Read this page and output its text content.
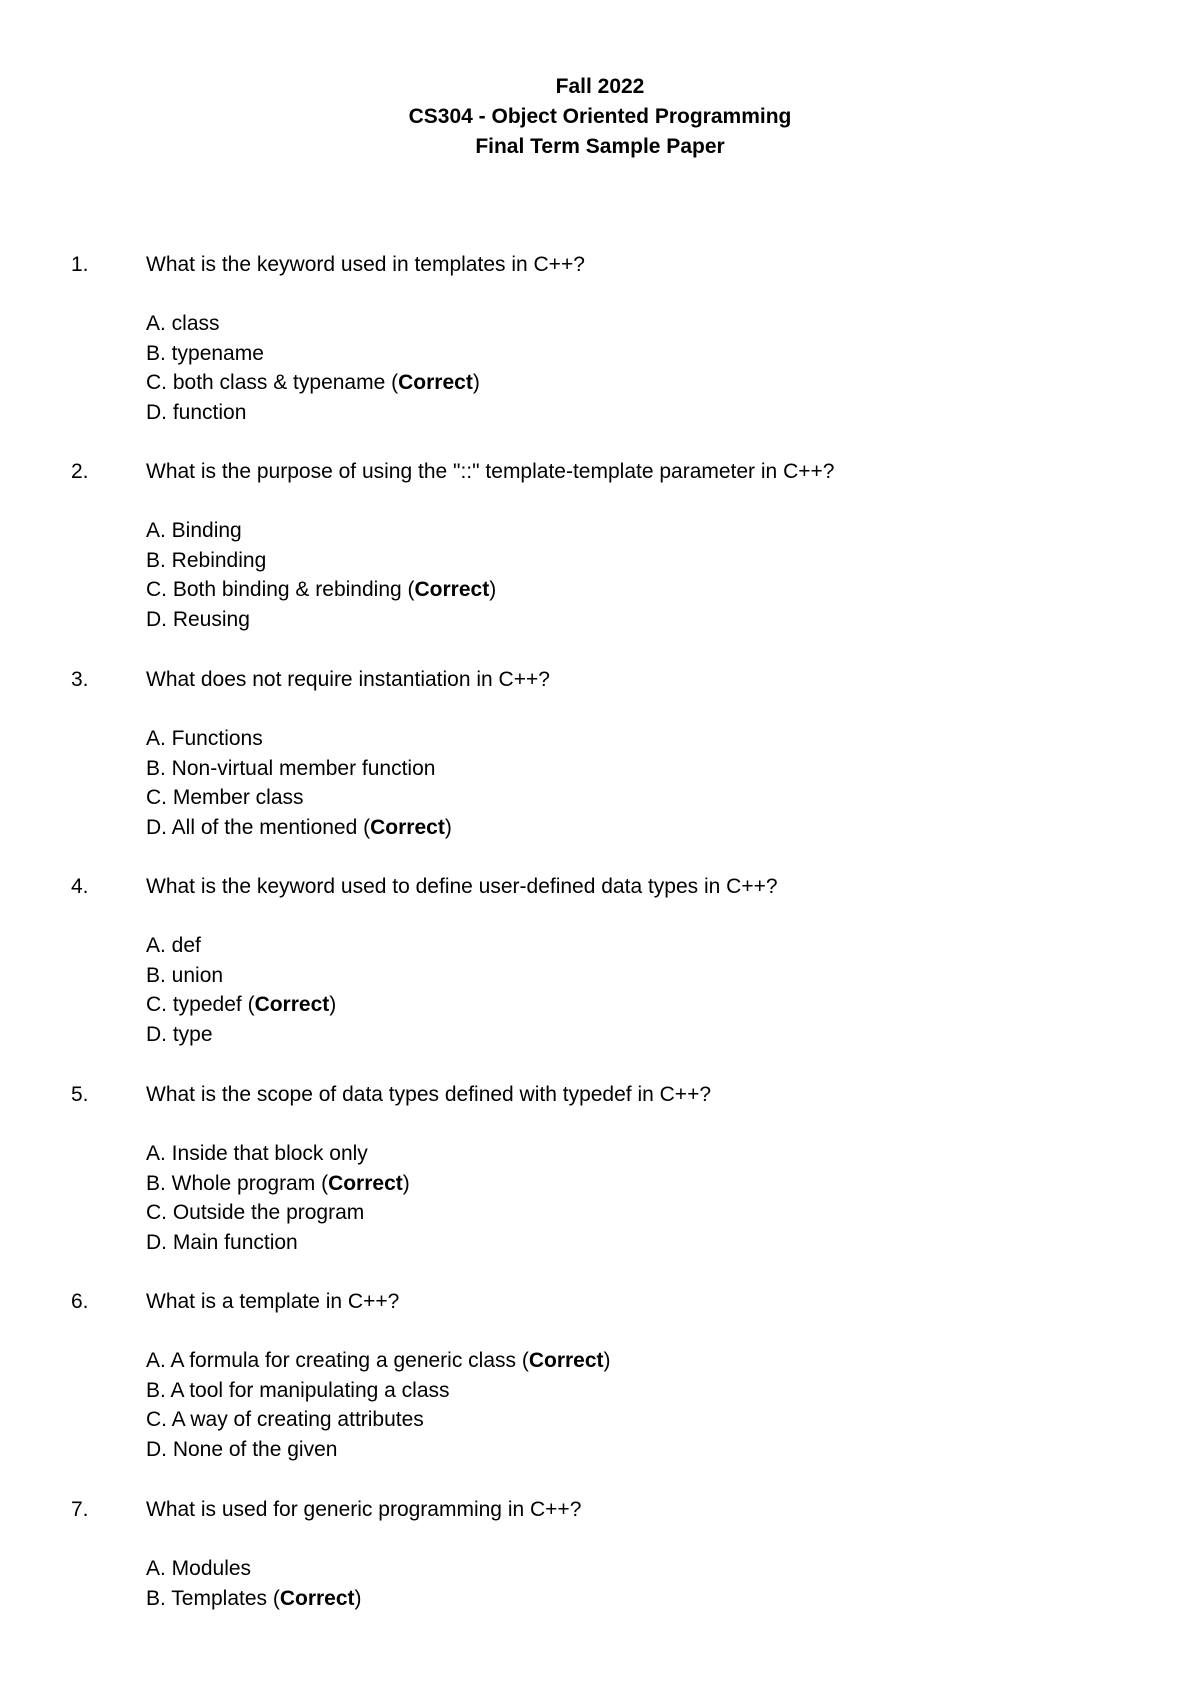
Fall 2022
CS304 - Object Oriented Programming
Final Term Sample Paper
1.	What is the keyword used in templates in C++?
A. class
B. typename
C. both class & typename (Correct)
D. function
2.	What is the purpose of using the "::" template-template parameter in C++?
A. Binding
B. Rebinding
C. Both binding & rebinding (Correct)
D. Reusing
3.	What does not require instantiation in C++?
A. Functions
B. Non-virtual member function
C. Member class
D. All of the mentioned (Correct)
4.	What is the keyword used to define user-defined data types in C++?
A. def
B. union
C. typedef (Correct)
D. type
5.	What is the scope of data types defined with typedef in C++?
A. Inside that block only
B. Whole program (Correct)
C. Outside the program
D. Main function
6.	What is a template in C++?
A. A formula for creating a generic class (Correct)
B. A tool for manipulating a class
C. A way of creating attributes
D. None of the given
7.	What is used for generic programming in C++?
A. Modules
B. Templates (Correct)
